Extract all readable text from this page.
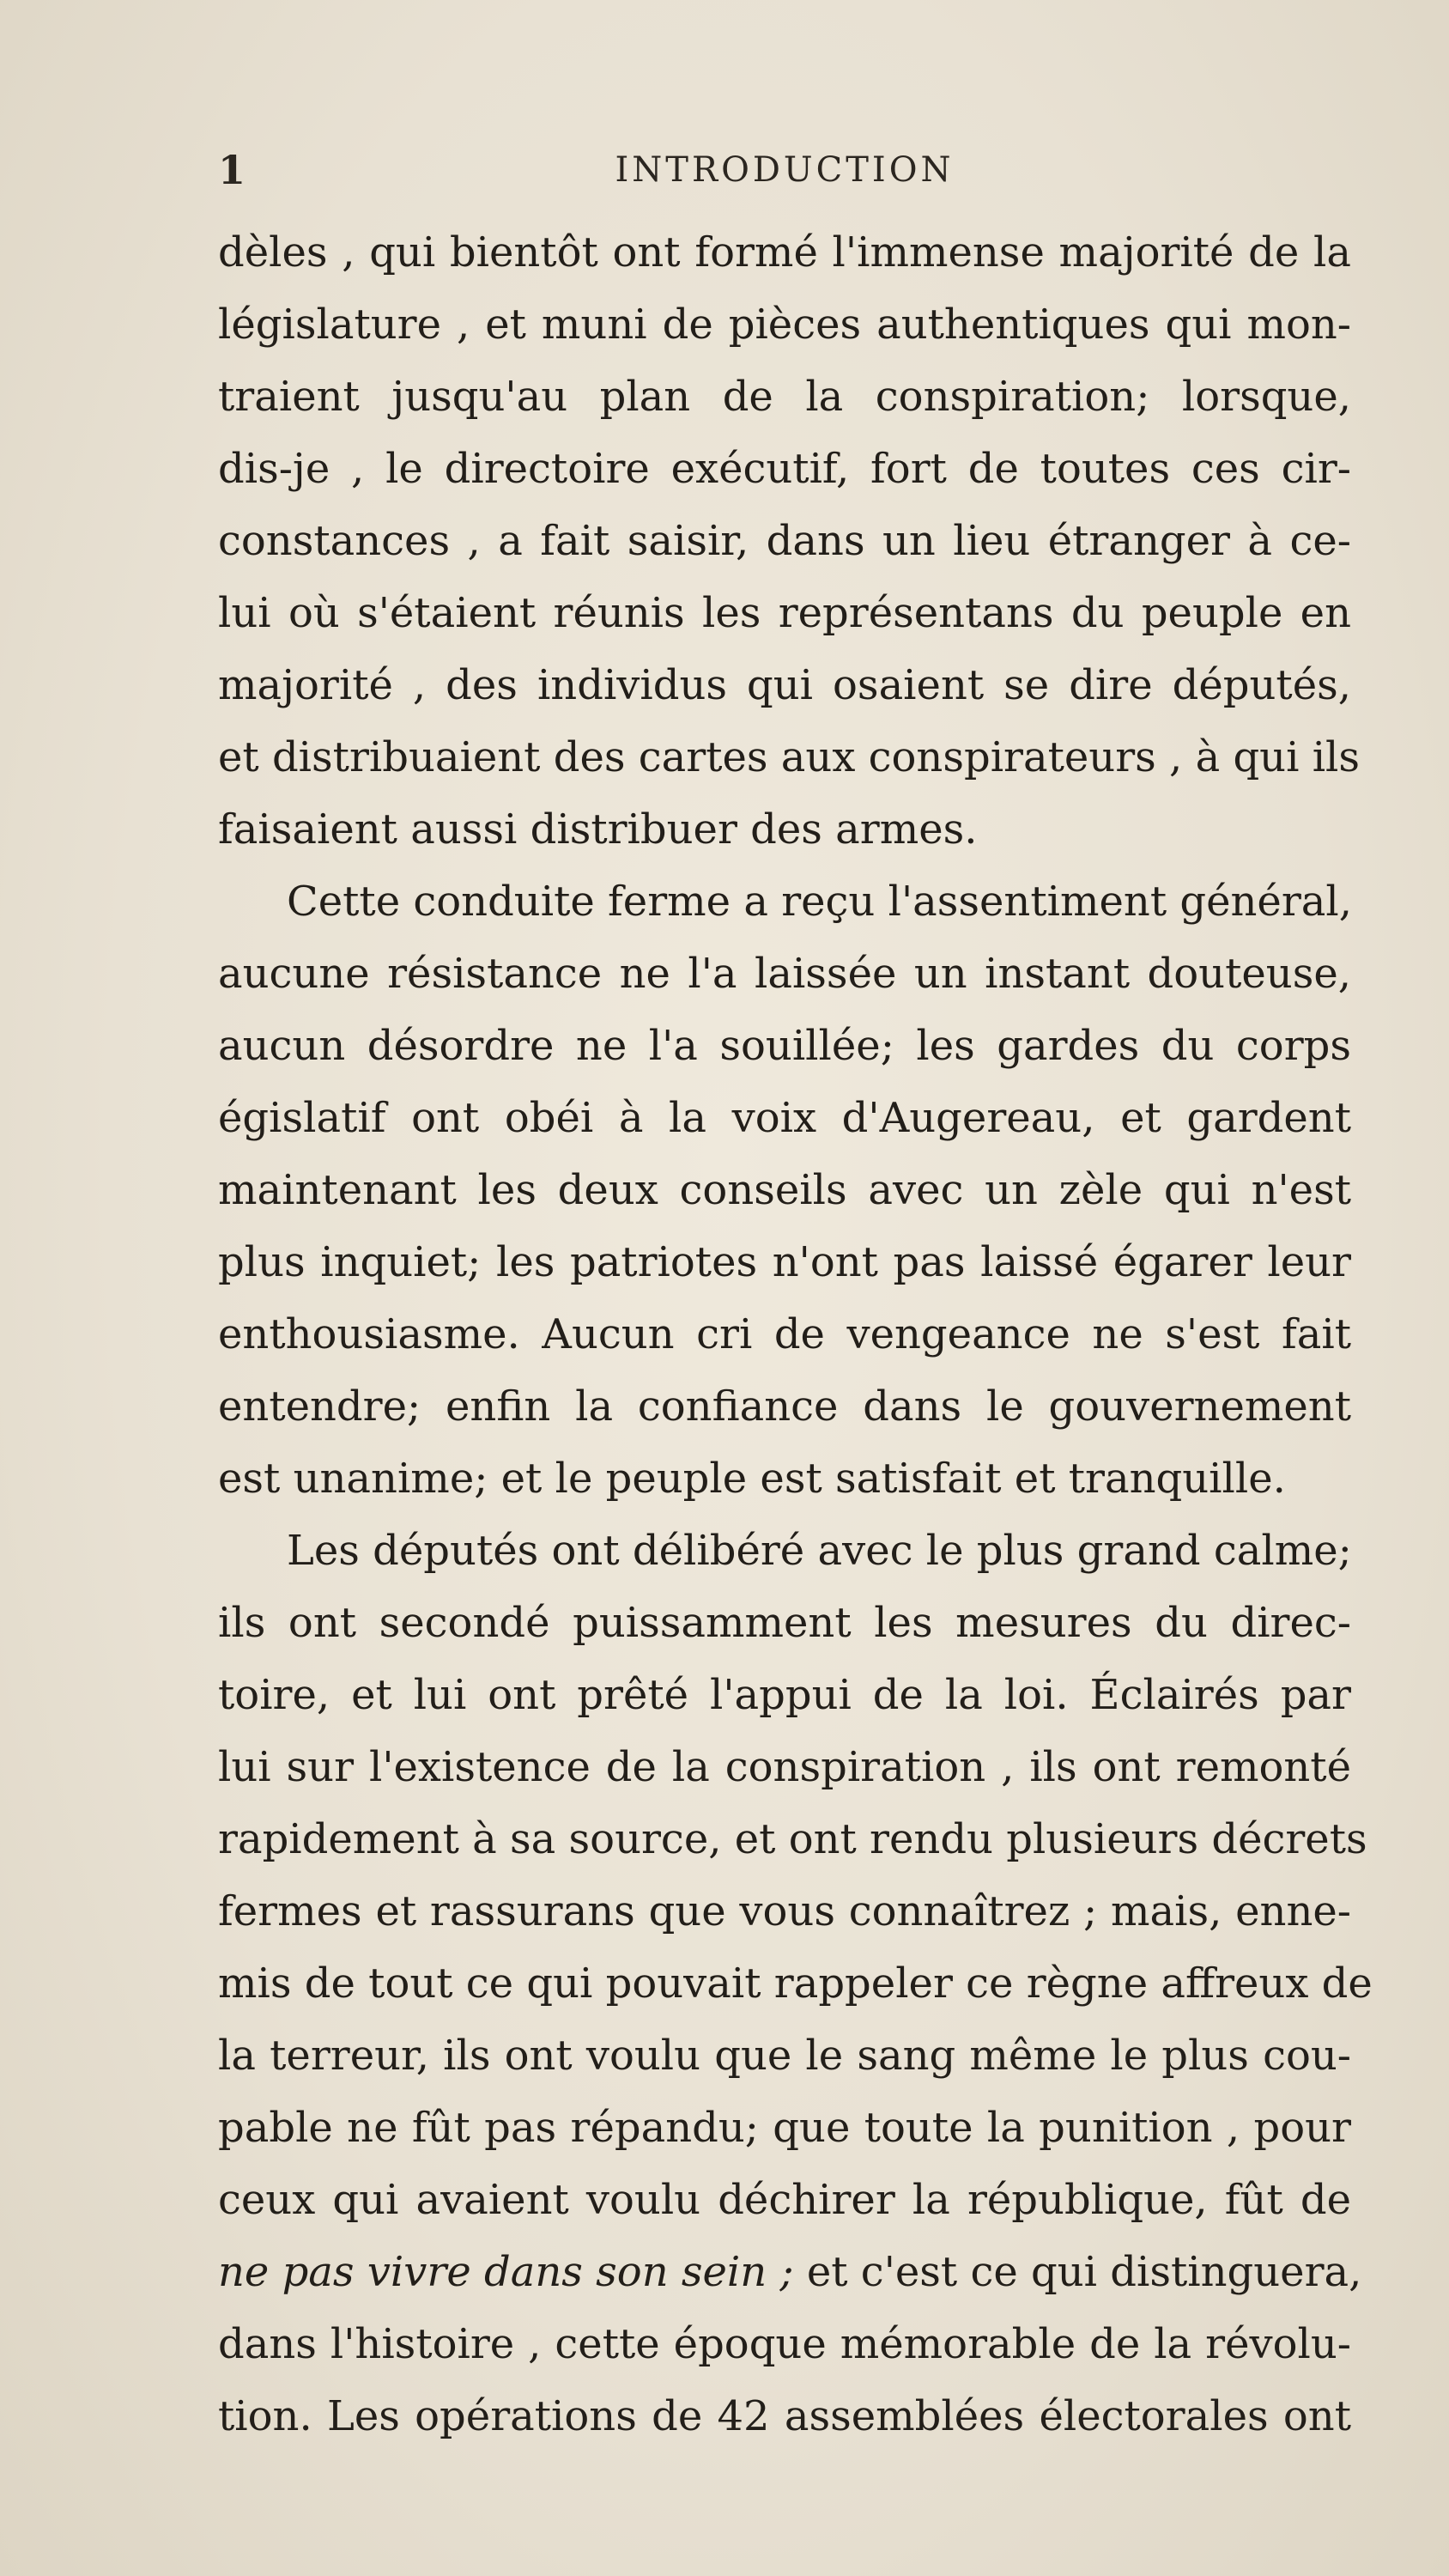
1	INTRODUCTION
dèles , qui bientôt ont formé l'immense majorité de la
législature , et muni de pièces authentiques qui mon-
traient jusqu'au plan de la conspiration; lorsque,
dis-je , le directoire exécutif, fort de toutes ces cir-
constances , a fait saisir, dans un lieu étranger à ce-
lui où s'étaient réunis les représentans du peuple en
majorité , des individus qui osaient se dire députés,
et distribuaient des cartes aux conspirateurs , à qui ils
faisaient aussi distribuer des armes.
Cette conduite ferme a reçu l'assentiment général,
aucune résistance ne l'a laissée un instant douteuse,
aucun désordre ne l'a souillée; les gardes du corps
égislatif ont obéi à la voix d'Augereau, et gardent
maintenant les deux conseils avec un zèle qui n'est
plus inquiet; les patriotes n'ont pas laissé égarer leur
enthousiasme. Aucun cri de vengeance ne s'est fait
entendre; enfin la confiance dans le gouvernement
est unanime; et le peuple est satisfait et tranquille.
Les députés ont délibéré avec le plus grand calme;
ils ont secondé puissamment les mesures du direc-
toire, et lui ont prêté l'appui de la loi. Éclairés par
lui sur l'existence de la conspiration , ils ont remonté
rapidement à sa source, et ont rendu plusieurs décrets
fermes et rassurans que vous connaîtrez ; mais, enne-
mis de tout ce qui pouvait rappeler ce règne affreux de
la terreur, ils ont voulu que le sang même le plus cou-
pable ne fût pas répandu; que toute la punition , pour
ceux qui avaient voulu déchirer la république, fût de
ne pas vivre dans son sein ; et c'est ce qui distinguera,
dans l'histoire , cette époque mémorable de la révolu-
tion. Les opérations de 42 assemblées électorales ont
